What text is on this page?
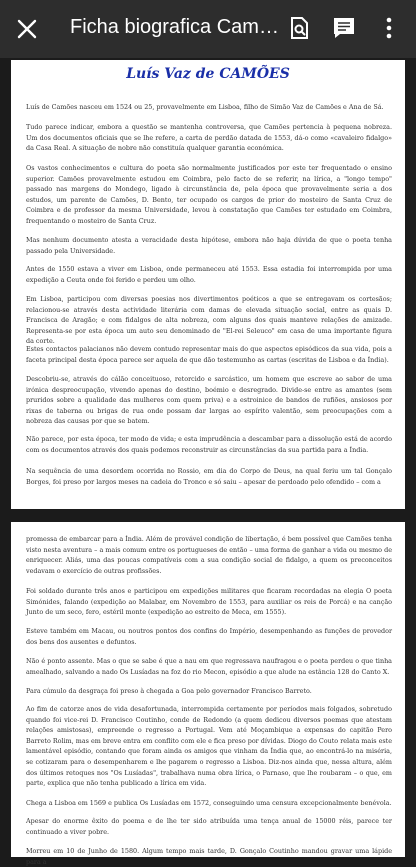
Ficha biografica Cam…
Luís Vaz de CAMÕES

Luís de Camões nasceu em 1524 ou 25, provavelmente em Lisboa, filho de Simão Vaz de Camões e Ana de Sá.

Tudo parece indicar, embora a questão se mantenha controversa, que Camões pertencia à pequena nobreza. Um dos documentos oficiais que se lhe refere, a carta de perdão datada de 1553, dá-o como «cavaleiro fidalgo» da Casa Real. A situação de nobre não constituía qualquer garantia económica.

Os vastos conhecimentos e cultura do poeta são normalmente justificados por este ter frequentado o ensino superior. Camões provavelmente estudou em Coimbra, pelo facto de se referir, na lírica, a "longo tempo" passado nas margens do Mondego, ligado à circunstância de, pela época que provavelmente seria a dos estudos, um parente de Camões, D. Bento, ter ocupado os cargos de prior do mosteiro de Santa Cruz de Coimbra e de professor da mesma Universidade, levou à constatação que Camões ter estudado em Coimbra, frequentando o mosteiro de Santa Cruz.

Mas nenhum documento atesta a veracidade desta hipótese, embora não haja dúvida de que o poeta tenha passado pela Universidade.

Antes de 1550 estava a viver em Lisboa, onde permaneceu até 1553. Essa estadia foi interrompida por uma expedição a Ceuta onde foi ferido e perdeu um olho.

Em Lisboa, participou com diversas poesias nos divertimentos poéticos a que se entregavam os cortesãos; relacionou-se através desta actividade literária com damas de elevada situação social, entre as quais D. Francisca de Aragão; e com fidalgos de alta nobreza, com alguns dos quais manteve relações de amizade. Representa-se por esta época um auto seu denominado de "El-rei Seleuco" em casa de uma importante figura da corte.

Estes contactos palacianos não devem contudo representar mais do que aspectos episódicos da sua vida, pois a faceta principal desta época parece ser aquela de que dão testemunho as cartas (escritas de Lisboa e da Índia).

Descobriu-se, através do cálão conceituoso, retorcido e sarcástico, um homem que escreve ao sabor de uma irónica despreocupação, vivendo apenas do destino, boémio e desregrado. Divide-se entre as amantes (sem pruridos sobre a qualidade das mulheres com quem priva) e a estroinice de bandos de rufiões, ansiosos por rixas de taberna ou brigas de rua onde possam dar largas ao espírito valentão, sem preocupações com a nobreza das causas por que se batem.

Não parece, por esta época, ter modo de vida; e esta imprudência a descambar para a dissolução está de acordo com os documentos através dos quais podemos reconstruir as circunstâncias da sua partida para a Índia.

Na sequência de uma desordem ocorrida no Rossio, em dia do Corpo de Deus, na qual feriu um tal Gonçalo Borges, foi preso por largos meses na cadeia do Tronco e só saiu – apesar de perdoado pelo ofendido – com a

promessa de embarcar para a Índia. Além de provável condição de libertação, é bem possível que Camões tenha visto nesta aventura – a mais comum entre os portugueses de então – uma forma de ganhar a vida ou mesmo de enriquecer. Aliás, uma das poucas compatíveis com a sua condição social de fidalgo, a quem os preconceitos vedavam o exercício de outras profissões.

Foi soldado durante três anos e participou em expedições militares que ficaram recordadas na elegia O poeta Simónides, falando (expedição ao Malabar, em Novembro de 1553, para auxiliar os reis de Porcá) e na canção Junto de um seco, fero, estéril monte (expedição ao estreito de Meca, em 1555).

Esteve também em Macau, ou noutros pontos dos confins do Império, desempenhando as funções de provedor dos bens dos ausentes e defuntos.

Não é ponto assente. Mas o que se sabe é que a nau em que regressava naufragou e o poeta perdeu o que tinha amealhado, salvando a nado Os Lusíadas na foz do rio Mecon, episódio a que alude na estância 128 do Canto X.

Para cúmulo da desgraça foi preso à chegada a Goa pelo governador Francisco Barreto.

Ao fim de catorze anos de vida desafortunada, interrompida certamente por períodos mais folgados, sobretudo quando foi vice-rei D. Francisco Coutinho, conde de Redondo (a quem dedicou diversos poemas que atestam relações amistosas), empreende o regresso a Portugal. Vem até Moçambique a expensas do capitão Pero Barreto Rolim, mas em breve entra em conflito com ele e fica preso por dívidas. Diogo do Couto relata mais este lamentável episódio, contando que foram ainda os amigos que vinham da Índia que, ao encontrá-lo na miséria, se cotizaram para o desempenharem e lhe pagarem o regresso a Lisboa. Diz-nos ainda que, nessa altura, além dos últimos retoques nos "Os Lusíadas", trabalhava numa obra lírica, o Parnaso, que lhe roubaram – o que, em parte, explica que não tenha publicado a lírica em vida.

Chega a Lisboa em 1569 e publica Os Lusíadas em 1572, conseguindo uma censura excepcionalmente benévola.

Apesar do enorme êxito do poema e de lhe ter sido atribuída uma tença anual de 15000 réis, parece ter continuado a viver pobre.

Morreu em 10 de Junho de 1580. Algum tempo mais tarde, D. Gonçalo Coutinho mandou gravar uma lápide para a
